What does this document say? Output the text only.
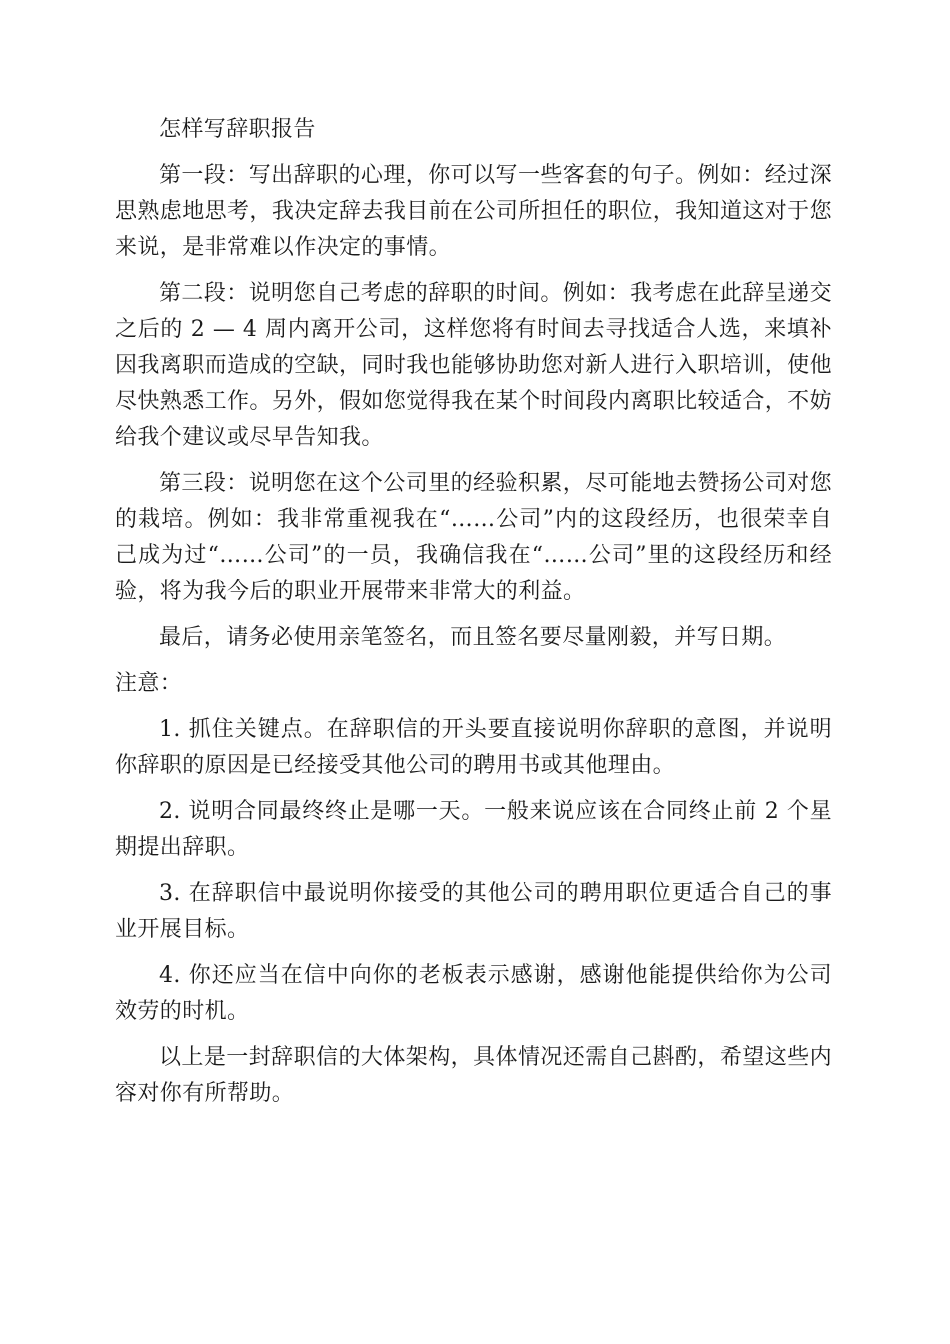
怎样写辞职报告

第一段：写出辞职的心理，你可以写一些客套的句子。例如：经过深思熟虑地思考，我决定辞去我目前在公司所担任的职位，我知道这对于您来说，是非常难以作决定的事情。

第二段：说明您自己考虑的辞职的时间。例如：我考虑在此辞呈递交之后的 2 — 4 周内离开公司，这样您将有时间去寻找适合人选，来填补因我离职而造成的空缺，同时我也能够协助您对新人进行入职培训，使他尽快熟悉工作。另外，假如您觉得我在某个时间段内离职比较适合，不妨给我个建议或尽早告知我。

第三段：说明您在这个公司里的经验积累，尽可能地去赞扬公司对您的栽培。例如：我非常重视我在“……公司”内的这段经历，也很荣幸自己成为过“……公司”的一员，我确信我在“……公司”里的这段经历和经验，将为我今后的职业开展带来非常大的利益。

最后，请务必使用亲笔签名，而且签名要尽量刚毅，并写日期。

注意：

1. 抓住关键点。在辞职信的开头要直接说明你辞职的意图，并说明你辞职的原因是已经接受其他公司的聘用书或其他理由。

2. 说明合同最终终止是哪一天。一般来说应该在合同终止前 2 个星期提出辞职。

3. 在辞职信中最说明你接受的其他公司的聘用职位更适合自己的事业开展目标。

4. 你还应当在信中向你的老板表示感谢，感谢他能提供给你为公司效劳的时机。

以上是一封辞职信的大体架构，具体情况还需自己斟酌，希望这些内容对你有所帮助。
